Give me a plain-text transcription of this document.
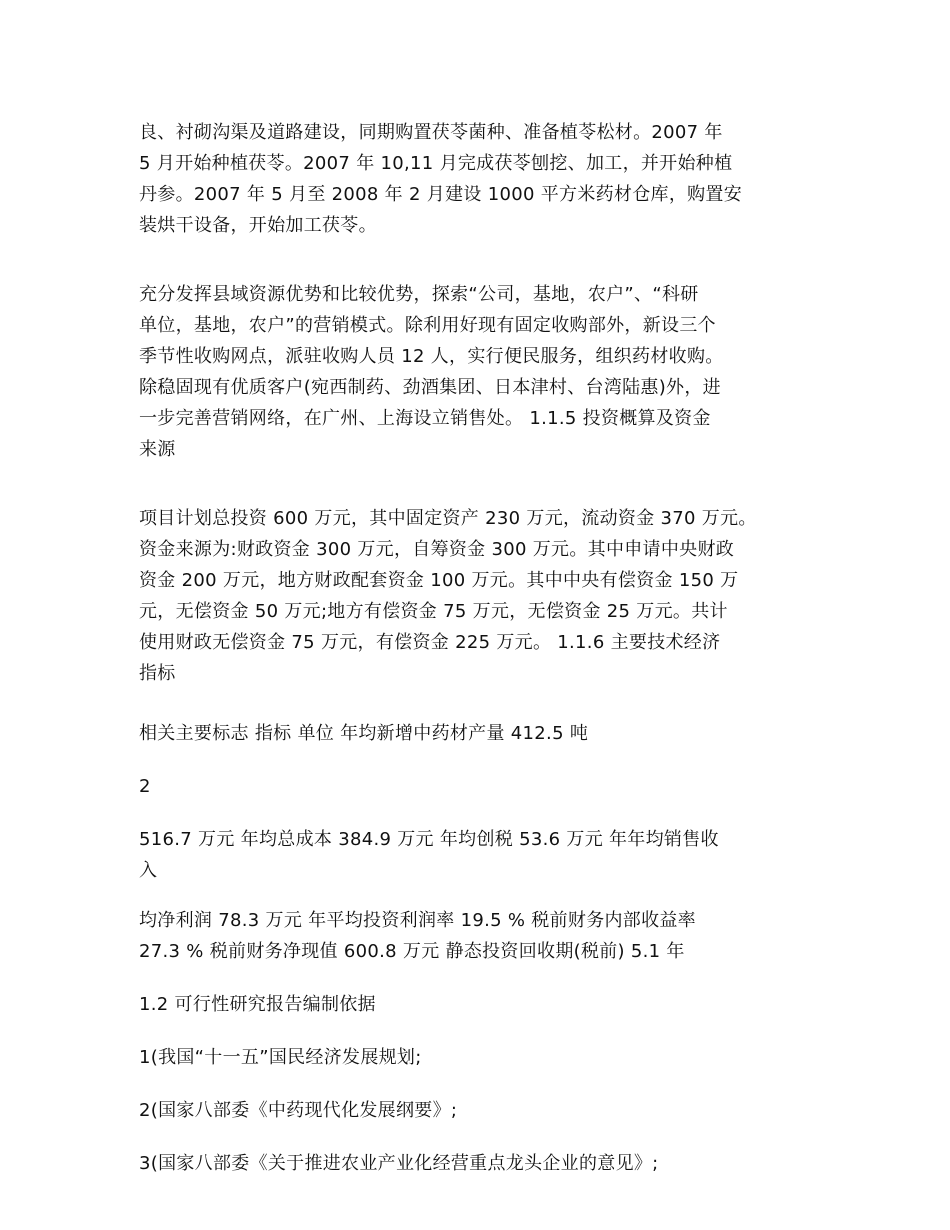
良、衬砌沟渠及道路建设，同期购置茯苓菌种、准备植苓松材。2007 年
5 月开始种植茯苓。2007 年 10,11 月完成茯苓刨挖、加工，并开始种植
丹参。2007 年 5 月至 2008 年 2 月建设 1000 平方米药材仓库，购置安
装烘干设备，开始加工茯苓。

充分发挥县域资源优势和比较优势，探索“公司，基地，农户”、“科研
单位，基地，农户”的营销模式。除利用好现有固定收购部外，新设三个
季节性收购网点，派驻收购人员 12 人，实行便民服务，组织药材收购。
除稳固现有优质客户(宛西制药、劲酒集团、日本津村、台湾陆惠)外，进
一步完善营销网络，在广州、上海设立销售处。 1.1.5 投资概算及资金
来源

项目计划总投资 600 万元，其中固定资产 230 万元，流动资金 370 万元。
资金来源为:财政资金 300 万元，自筹资金 300 万元。其中申请中央财政
资金 200 万元，地方财政配套资金 100 万元。其中中央有偿资金 150 万
元，无偿资金 50 万元;地方有偿资金 75 万元，无偿资金 25 万元。共计
使用财政无偿资金 75 万元，有偿资金 225 万元。 1.1.6 主要技术经济
指标

相关主要标志 指标 单位 年均新增中药材产量 412.5 吨

2

516.7 万元 年均总成本 384.9 万元 年均创税 53.6 万元 年年均销售收
入

均净利润 78.3 万元 年平均投资利润率 19.5 % 税前财务内部收益率
27.3 % 税前财务净现值 600.8 万元 静态投资回收期(税前) 5.1 年

1.2 可行性研究报告编制依据

1(我国“十一五”国民经济发展规划;

2(国家八部委《中药现代化发展纲要》;

3(国家八部委《关于推进农业产业化经营重点龙头企业的意见》;
